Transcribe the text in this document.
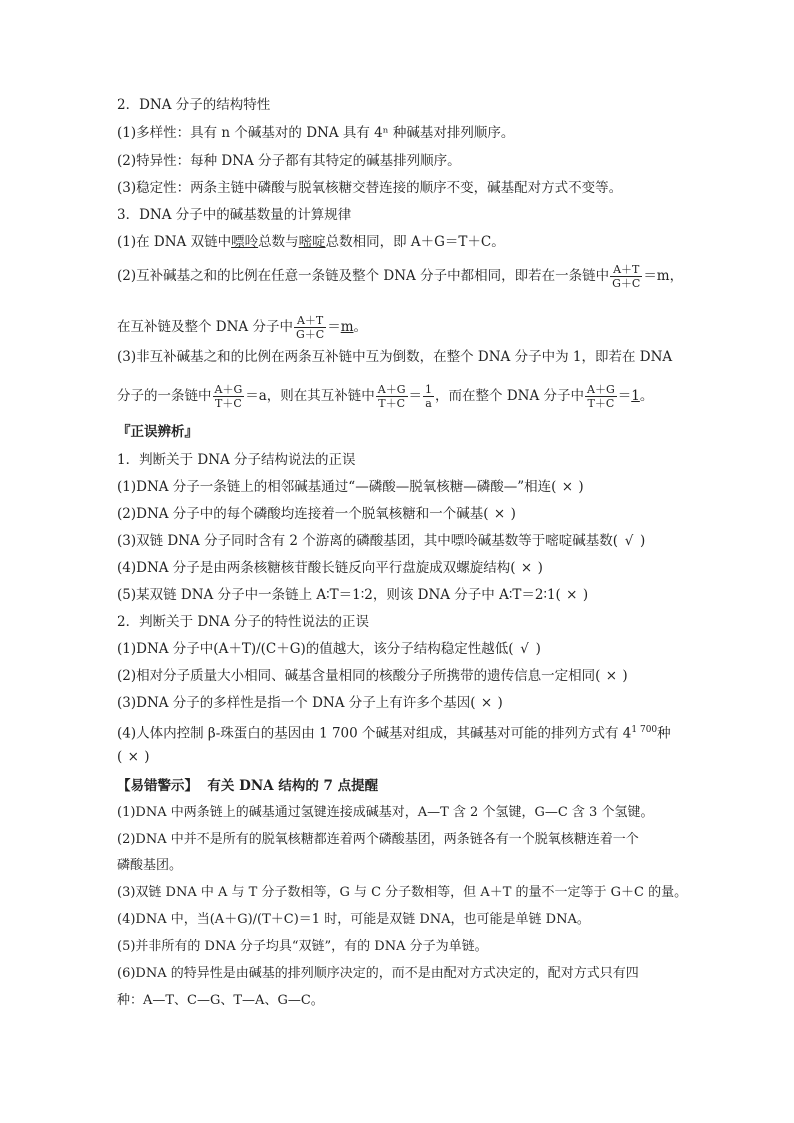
2．DNA 分子的结构特性
(1)多样性：具有 n 个碱基对的 DNA 具有 4ⁿ 种碱基对排列顺序。
(2)特异性：每种 DNA 分子都有其特定的碱基排列顺序。
(3)稳定性：两条主链中磷酸与脱氧核糖交替连接的顺序不变，碱基配对方式不变等。
3．DNA 分子中的碱基数量的计算规律
(1)在 DNA 双链中嘌呤总数与嘧啶总数相同，即 A＋G＝T＋C。
(2)互补碱基之和的比例在任意一条链及整个 DNA 分子中都相同，即若在一条链中 $\frac{A+T}{G+C} =m$，
在互补链及整个 DNA 分子中 $\frac{A+T}{G+C} =m$。
(3)非互补碱基之和的比例在两条互补链中互为倒数，在整个 DNA 分子中为 1，即若在 DNA
分子的一条链中 $\frac{A+G}{T+C} =a$，则在其互补链中 $\frac{A+G}{T+C} = \frac{1}{a}$ ，而在整个 DNA 分子中 $\frac{A+G}{T+C} =1$。
『正误辨析』
1．判断关于 DNA 分子结构说法的正误
(1)DNA 分子一条链上的相邻碱基通过“—磷酸—脱氧核糖—磷酸—”相连( × )
(2)DNA 分子中的每个磷酸均连接着一个脱氧核糖和一个碱基( × )
(3)双链 DNA 分子同时含有 2 个游离的磷酸基团，其中嘌呤碱基数等于嘧啶碱基数( √ )
(4)DNA 分子是由两条核糖核苷酸长链反向平行盘旋成双螺旋结构( × )
(5)某双链 DNA 分子中一条链上 A∶T＝1∶2，则该 DNA 分子中 A∶T＝2∶1( × )
2．判断关于 DNA 分子的特性说法的正误
(1)DNA 分子中(A＋T)/(C＋G)的值越大，该分子结构稳定性越低( √ )
(2)相对分子质量大小相同、碱基含量相同的核酸分子所携带的遗传信息一定相同( × )
(3)DNA 分子的多样性是指一个 DNA 分子上有许多个基因( × )
(4)人体内控制 β-珠蛋白的基因由 1 700 个碱基对组成，其碱基对可能的排列方式有 $4^{1 700}$种
( × )
【易错警示】 有关 DNA 结构的 7 点提醒
(1)DNA 中两条链上的碱基通过氢键连接成碱基对，A—T 含 2 个氢键，G—C 含 3 个氢键。
(2)DNA 中并不是所有的脱氧核糖都连着两个磷酸基团，两条链各有一个脱氧核糖连着一个
磷酸基团。
(3)双链 DNA 中 A 与 T 分子数相等，G 与 C 分子数相等，但 A＋T 的量不一定等于 G＋C 的量。
(4)DNA 中，当(A＋G)/(T＋C)＝1 时，可能是双链 DNA，也可能是单链 DNA。
(5)并非所有的 DNA 分子均具“双链”，有的 DNA 分子为单链。
(6)DNA 的特异性是由碱基的排列顺序决定的，而不是由配对方式决定的，配对方式只有四
种：A—T、C—G、T—A、G—C。
